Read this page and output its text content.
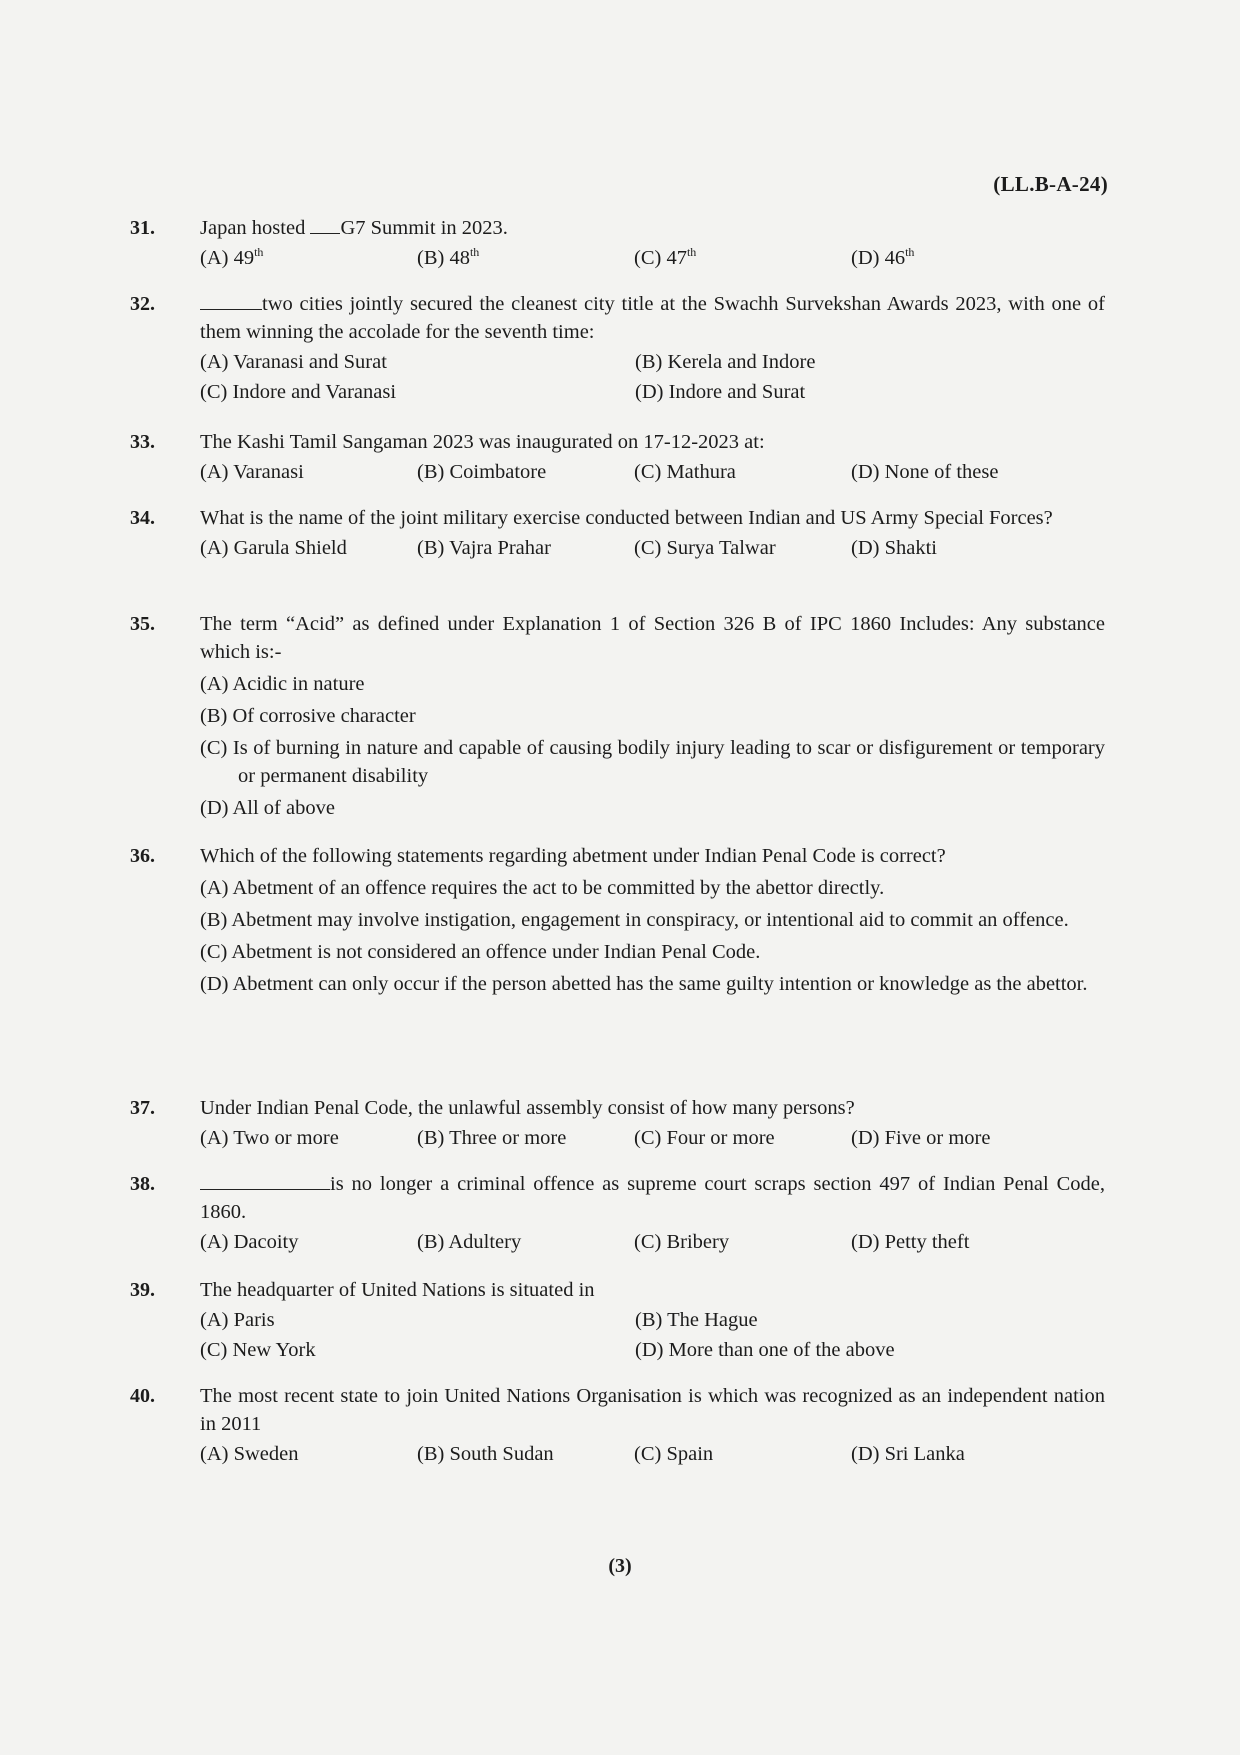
(LL.B-A-24)
31.	Japan hosted G7 Summit in 2023.
(A) 49th	(B) 48th	(C) 47th	(D) 46th
32.	two cities jointly secured the cleanest city title at the Swachh Survekshan Awards 2023, with one of them winning the accolade for the seventh time:
(A) Varanasi and Surat	(B) Kerela and Indore
(C) Indore and Varanasi	(D) Indore and Surat
33.	The Kashi Tamil Sangaman 2023 was inaugurated on 17-12-2023 at:
(A) Varanasi	(B) Coimbatore	(C) Mathura	(D) None of these
34.	What is the name of the joint military exercise conducted between Indian and US Army Special Forces?
(A) Garula Shield	(B) Vajra Prahar	(C) Surya Talwar	(D) Shakti
35.	The term “Acid” as defined under Explanation 1 of Section 326 B of IPC 1860 Includes: Any substance which is:-
(A) Acidic in nature
(B) Of corrosive character
(C) Is of burning in nature and capable of causing bodily injury leading to scar or disfigurement or temporary or permanent disability
(D) All of above
36.	Which of the following statements regarding abetment under Indian Penal Code is correct?
(A) Abetment of an offence requires the act to be committed by the abettor directly.
(B) Abetment may involve instigation, engagement in conspiracy, or intentional aid to commit an offence.
(C) Abetment is not considered an offence under Indian Penal Code.
(D) Abetment can only occur if the person abetted has the same guilty intention or knowledge as the abettor.
37.	Under Indian Penal Code, the unlawful assembly consist of how many persons?
(A) Two or more	(B) Three or more	(C) Four or more	(D) Five or more
38.	is no longer a criminal offence as supreme court scraps section 497 of Indian Penal Code, 1860.
(A) Dacoity	(B) Adultery	(C) Bribery	(D) Petty theft
39.	The headquarter of United Nations is situated in
(A) Paris	(B) The Hague
(C) New York	(D) More than one of the above
40.	The most recent state to join United Nations Organisation is which was recognized as an independent nation in 2011
(A) Sweden	(B) South Sudan	(C) Spain	(D) Sri Lanka
(3)
